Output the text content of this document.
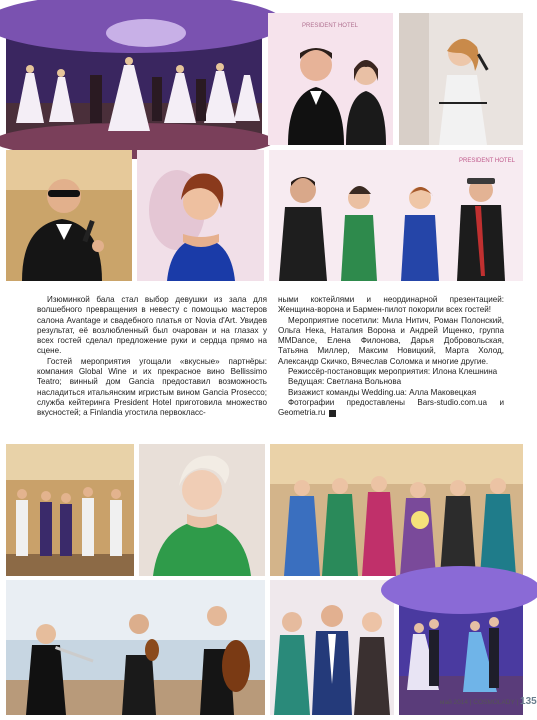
PRESIDENT HOTEL
PRESIDENT HOTEL

Изюминкой бала стал выбор девушки из зала для волшебного превращения в невесту с помощью мастеров салона Avantage и свадебного платья от Novia d'Art. Увидев результат, её возлюбленный был очарован и на глазах у всех гостей сделал предложение руки и сердца прямо на сцене.

Гостей мероприятия угощали «вкусные» партнёры: компания Global Wine и их прекрасное вино Bellissimo Teatro; винный дом Gancia предоставил возможность насладиться итальянским игристым вином Gancia Prosecco; служба кейтеринга President Hotel приготовила множество вкусностей; а Finlandia угостила первокласс-

ными коктейлями и неординарной презентацией: Женщина-ворона и Бармен-пилот покорили всех гостей!

Мероприятие посетили: Мила Нитич, Роман Полонский, Ольга Нека, Наталия Ворона и Андрей Ищенко, группа MMDance, Елена Филонова, Дарья Добровольская, Татьяна Миллер, Максим Новицкий, Марта Холод, Александр Скичко, Вячеслав Соломка и многие другие.

Режиссёр-постановщик мероприятия: Илона Клешнина

Ведущая: Светлана Вольнова

Визажист команды Wedding.ua: Алла Маковецкая

Фотографии предоставлены Bars-studio.com.ua и Geometria.ru	▪

май 2014 | COSMOLADY | 135
